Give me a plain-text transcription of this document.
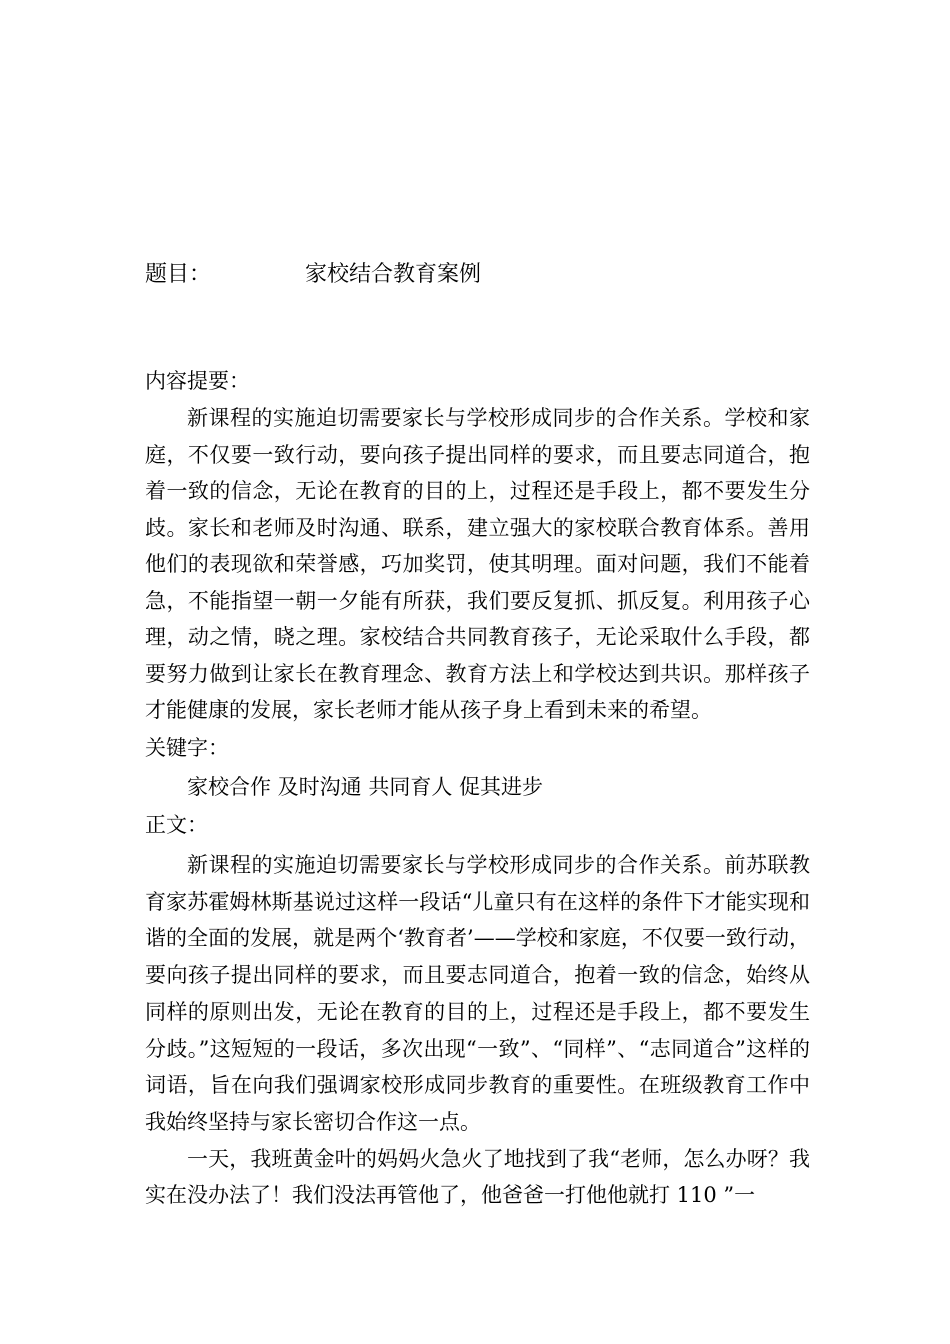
题目：	家校结合教育案例
内容提要：

新课程的实施迫切需要家长与学校形成同步的合作关系。学校和家庭，不仅要一致行动，要向孩子提出同样的要求，而且要志同道合，抱着一致的信念，无论在教育的目的上，过程还是手段上，都不要发生分歧。家长和老师及时沟通、联系，建立强大的家校联合教育体系。善用他们的表现欲和荣誉感，巧加奖罚，使其明理。面对问题，我们不能着急，不能指望一朝一夕能有所获，我们要反复抓、抓反复。利用孩子心理，动之情，晓之理。家校结合共同教育孩子，无论采取什么手段，都要努力做到让家长在教育理念、教育方法上和学校达到共识。那样孩子才能健康的发展，家长老师才能从孩子身上看到未来的希望。

关键字：

家校合作 及时沟通 共同育人 促其进步

正文：

新课程的实施迫切需要家长与学校形成同步的合作关系。前苏联教育家苏霍姆林斯基说过这样一段话“儿童只有在这样的条件下才能实现和谐的全面的发展，就是两个‘教育者’——学校和家庭，不仅要一致行动，要向孩子提出同样的要求，而且要志同道合，抱着一致的信念，始终从同样的原则出发，无论在教育的目的上，过程还是手段上，都不要发生分歧。”这短短的一段话，多次出现“一致”、“同样”、“志同道合”这样的词语，旨在向我们强调家校形成同步教育的重要性。在班级教育工作中我始终坚持与家长密切合作这一点。

一天，我班黄金叶的妈妈火急火了地找到了我“老师，怎么办呀？我实在没办法了！我们没法再管他了，他爸爸一打他他就打 110 ”一
